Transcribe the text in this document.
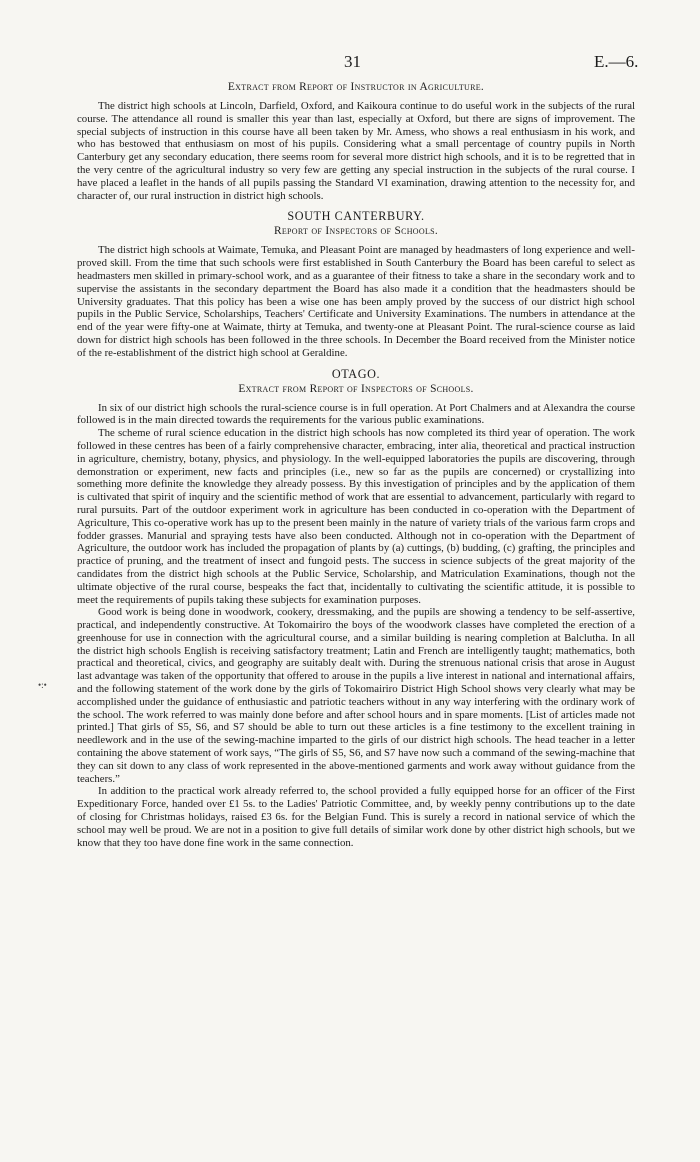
31	E.—6.
Extract from Report of Instructor in Agriculture.

The district high schools at Lincoln, Darfield, Oxford, and Kaikoura continue to do useful work in the subjects of the rural course. The attendance all round is smaller this year than last, especially at Oxford, but there are signs of improvement. The special subjects of instruction in this course have all been taken by Mr. Amess, who shows a real enthusiasm in his work, and who has bestowed that enthusiasm on most of his pupils. Considering what a small percentage of country pupils in North Canterbury get any secondary education, there seems room for several more district high schools, and it is to be regretted that in the very centre of the agricultural industry so very few are getting any special instruction in the subjects of the rural course. I have placed a leaflet in the hands of all pupils passing the Standard VI examination, drawing attention to the necessity for, and character of, our rural instruction in district high schools.

SOUTH CANTERBURY.
Report of Inspectors of Schools.

The district high schools at Waimate, Temuka, and Pleasant Point are managed by headmasters of long experience and well-proved skill. From the time that such schools were first established in South Canterbury the Board has been careful to select as headmasters men skilled in primary-school work, and as a guarantee of their fitness to take a share in the secondary work and to supervise the assistants in the secondary department the Board has also made it a condition that the headmasters should be University graduates. That this policy has been a wise one has been amply proved by the success of our district high school pupils in the Public Service, Scholarships, Teachers' Certificate and University Examinations. The numbers in attendance at the end of the year were fifty-one at Waimate, thirty at Temuka, and twenty-one at Pleasant Point. The rural-science course as laid down for district high schools has been followed in the three schools. In December the Board received from the Minister notice of the re-establishment of the district high school at Geraldine.

OTAGO.
Extract from Report of Inspectors of Schools.

In six of our district high schools the rural-science course is in full operation. At Port Chalmers and at Alexandra the course followed is in the main directed towards the requirements for the various public examinations.

The scheme of rural science education in the district high schools has now completed its third year of operation. The work followed in these centres has been of a fairly comprehensive character, embracing, inter alia, theoretical and practical instruction in agriculture, chemistry, botany, physics, and physiology. In the well-equipped laboratories the pupils are discovering, through demonstration or experiment, new facts and principles (i.e., new so far as the pupils are concerned) or crystallizing into something more definite the knowledge they already possess. By this investigation of principles and by the application of them is cultivated that spirit of inquiry and the scientific method of work that are essential to advancement, particularly with regard to rural pursuits. Part of the outdoor experiment work in agriculture has been conducted in co-operation with the Department of Agriculture, This co-operative work has up to the present been mainly in the nature of variety trials of the various farm crops and fodder grasses. Manurial and spraying tests have also been conducted. Although not in co-operation with the Department of Agriculture, the outdoor work has included the propagation of plants by (a) cuttings, (b) budding, (c) grafting, the principles and practice of pruning, and the treatment of insect and fungoid pests. The success in science subjects of the great majority of the candidates from the district high schools at the Public Service, Scholarship, and Matriculation Examinations, though not the ultimate objective of the rural course, bespeaks the fact that, incidentally to cultivating the scientific attitude, it is possible to meet the requirements of pupils taking these subjects for examination purposes.

Good work is being done in woodwork, cookery, dressmaking, and the pupils are showing a tendency to be self-assertive, practical, and independently constructive. At Tokomairiro the boys of the woodwork classes have completed the erection of a greenhouse for use in connection with the agricultural course, and a similar building is nearing completion at Balclutha. In all the district high schools English is receiving satisfactory treatment; Latin and French are intelligently taught; mathematics, both practical and theoretical, civics, and geography are suitably dealt with. During the strenuous national crisis that arose in August last advantage was taken of the opportunity that offered to arouse in the pupils a live interest in national and international affairs, and the following statement of the work done by the girls of Tokomairiro District High School shows very clearly what may be accomplished under the guidance of enthusiastic and patriotic teachers without in any way interfering with the ordinary work of the school. The work referred to was mainly done before and after school hours and in spare moments. [List of articles made not printed.] That girls of S5, S6, and S7 should be able to turn out these articles is a fine testimony to the excellent training in needlework and in the use of the sewing-machine imparted to the girls of our district high schools. The head teacher in a letter containing the above statement of work says, “The girls of S5, S6, and S7 have now such a command of the sewing-machine that they can sit down to any class of work represented in the above-mentioned garments and work away without guidance from the teachers.”

In addition to the practical work already referred to, the school provided a fully equipped horse for an officer of the First Expeditionary Force, handed over £1 5s. to the Ladies' Patriotic Committee, and, by weekly penny contributions up to the date of closing for Christmas holidays, raised £3 6s. for the Belgian Fund. This is surely a record in national service of which the school may well be proud. We are not in a position to give full details of similar work done by other district high schools, but we know that they too have done fine work in the same connection.

•:•
